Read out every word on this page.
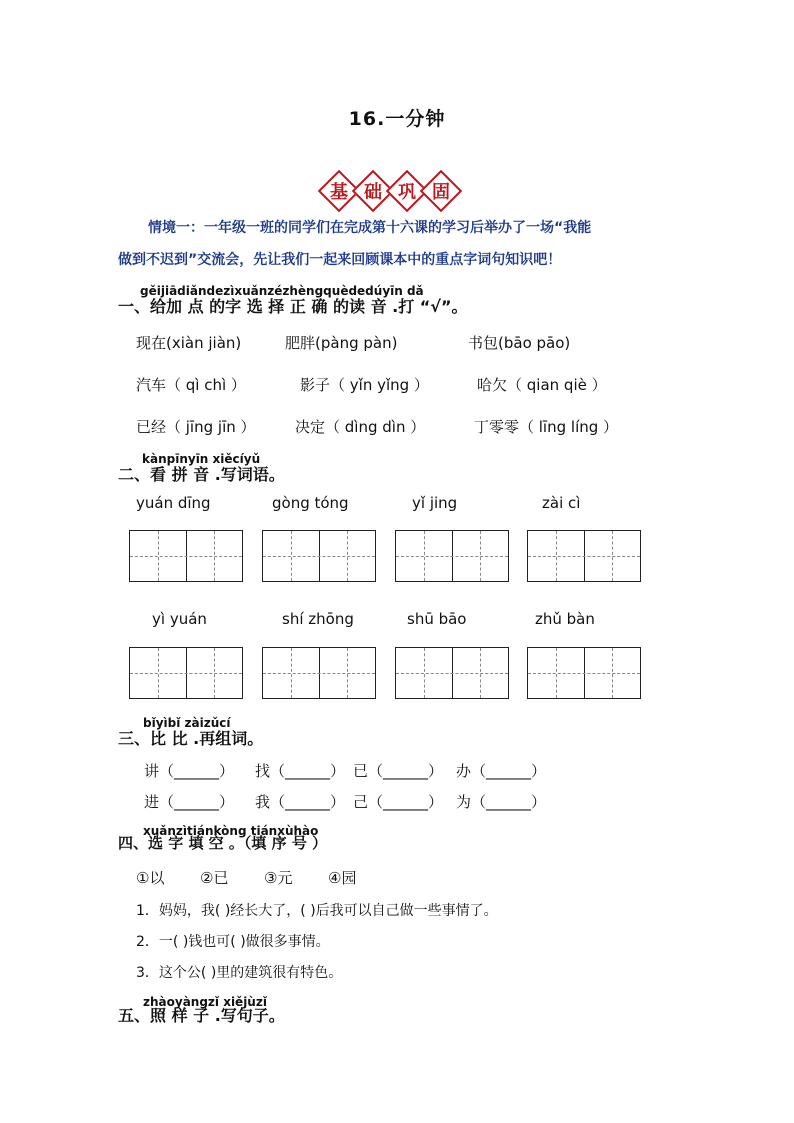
16.一分钟
基 础 巩 固
情境一：一年级一班的同学们在完成第十六课的学习后举办了一场“我能
做到不迟到”交流会，先让我们一起来回顾课本中的重点字词句知识吧！
gěijiādiǎndezìxuǎnzézhèngquèdedúyīn dǎ
一、给加 点 的字 选 择 正 确 的读 音 .打 “√”。
现在(xiàn jiàn)	肥胖(pàng pàn)	书包(bāo pāo)
汽车（ qì chì ）	影子（ yǐn yǐng ）	哈欠（ qian qiè ）
已经（ jīng jīn ）	决定（ dìng dìn ）	丁零零（ līng líng ）
kànpīnyīn xiěcíyǔ
二、看 拼 音 .写词语。
yuán dīng	gòng tóng	yǐ jing	zài cì
yì yuán	shí zhōng	shū bāo	zhǔ bàn
bǐyìbǐ zàizǔcí
三、比 比 .再组词。
讲（______） 找（______） 已（______） 办（______）
进（______） 我（______） 己（______） 为（______）
xuǎnzìtiánkòng tiánxùhào
四、选 字 填 空 。（填 序 号 ）
①以 ②已 ③元 ④园
1．妈妈，我( )经长大了，( )后我可以自己做一些事情了。
2．一( )钱也可( )做很多事情。
3．这个公( )里的建筑很有特色。
zhàoyàngzǐ xiějùzǐ
五、照 样 子 .写句子。
